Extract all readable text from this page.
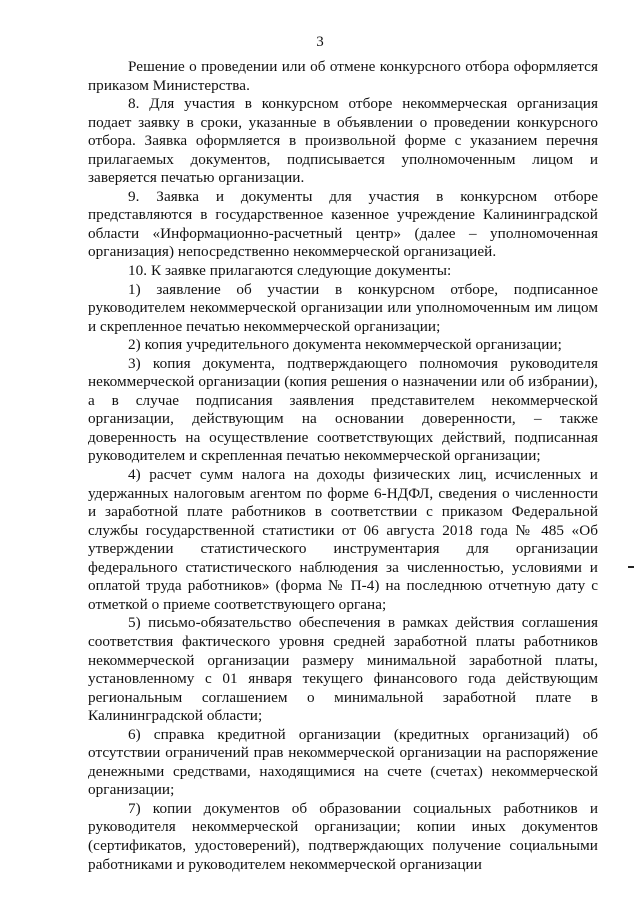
3

Решение о проведении или об отмене конкурсного отбора оформляется приказом Министерства.

8. Для участия в конкурсном отборе некоммерческая организация подает заявку в сроки, указанные в объявлении о проведении конкурсного отбора. Заявка оформляется в произвольной форме с указанием перечня прилагаемых документов, подписывается уполномоченным лицом и заверяется печатью организации.

9. Заявка и документы для участия в конкурсном отборе представляются в государственное казенное учреждение Калининградской области «Информационно-расчетный центр» (далее – уполномоченная организация) непосредственно некоммерческой организацией.

10. К заявке прилагаются следующие документы:

1) заявление об участии в конкурсном отборе, подписанное руководителем некоммерческой организации или уполномоченным им лицом и скрепленное печатью некоммерческой организации;

2) копия учредительного документа некоммерческой организации;

3) копия документа, подтверждающего полномочия руководителя некоммерческой организации (копия решения о назначении или об избрании), а в случае подписания заявления представителем некоммерческой организации, действующим на основании доверенности, – также доверенность на осуществление соответствующих действий, подписанная руководителем и скрепленная печатью некоммерческой организации;

4) расчет сумм налога на доходы физических лиц, исчисленных и удержанных налоговым агентом по форме 6-НДФЛ, сведения о численности и заработной плате работников в соответствии с приказом Федеральной службы государственной статистики от 06 августа 2018 года № 485 «Об утверждении статистического инструментария для организации федерального статистического наблюдения за численностью, условиями и оплатой труда работников» (форма № П-4) на последнюю отчетную дату с отметкой о приеме соответствующего органа;

5) письмо-обязательство обеспечения в рамках действия соглашения соответствия фактического уровня средней заработной платы работников некоммерческой организации размеру минимальной заработной платы, установленному с 01 января текущего финансового года действующим региональным соглашением о минимальной заработной плате в Калининградской области;

6) справка кредитной организации (кредитных организаций) об отсутствии ограничений прав некоммерческой организации на распоряжение денежными средствами, находящимися на счете (счетах) некоммерческой организации;

7) копии документов об образовании социальных работников и руководителя некоммерческой организации; копии иных документов (сертификатов, удостоверений), подтверждающих получение социальными работниками и руководителем некоммерческой организации
